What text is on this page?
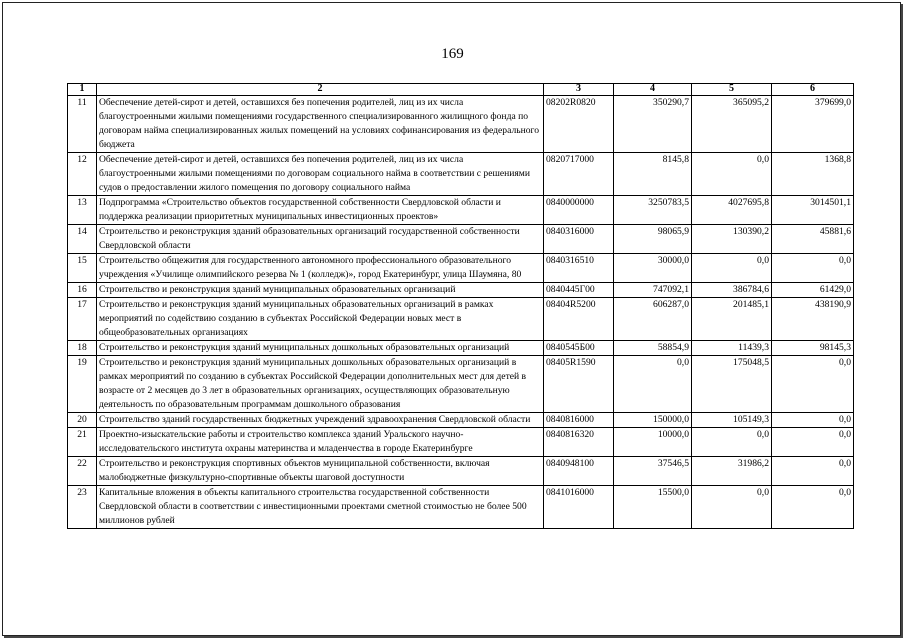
169
1	2	3	4	5	6
11	Обеспечение детей-сирот и детей, оставшихся без попечения родителей, лиц из их числа благоустроенными жилыми помещениями государственного специализированного жилищного фонда по договорам найма специализированных жилых помещений на условиях софинансирования из федерального бюджета	08202R0820	350290,7	365095,2	379699,0
12	Обеспечение детей-сирот и детей, оставшихся без попечения родителей, лиц из их числа благоустроенными жилыми помещениями по договорам социального найма в соответствии с решениями судов о предоставлении жилого помещения по договору социального найма	0820717000	8145,8	0,0	1368,8
13	Подпрограмма «Строительство объектов государственной собственности Свердловской области и поддержка реализации приоритетных муниципальных инвестиционных проектов»	0840000000	3250783,5	4027695,8	3014501,1
14	Строительство и реконструкция зданий образовательных организаций государственной собственности Свердловской области	0840316000	98065,9	130390,2	45881,6
15	Строительство общежития для государственного автономного профессионального образовательного учреждения «Училище олимпийского резерва № 1 (колледж)», город Екатеринбург, улица Шаумяна, 80	0840316510	30000,0	0,0	0,0
16	Строительство и реконструкция зданий муниципальных образовательных организаций	0840445Г00	747092,1	386784,6	61429,0
17	Строительство и реконструкция зданий муниципальных образовательных организаций в рамках мероприятий по содействию созданию в субъектах Российской Федерации новых мест в общеобразовательных организациях	08404R5200	606287,0	201485,1	438190,9
18	Строительство и реконструкция зданий муниципальных дошкольных образовательных организаций	0840545Б00	58854,9	11439,3	98145,3
19	Строительство и реконструкция зданий муниципальных дошкольных образовательных организаций в рамках мероприятий по созданию в субъектах Российской Федерации дополнительных мест для детей в возрасте от 2 месяцев до 3 лет в образовательных организациях, осуществляющих образовательную деятельность по образовательным программам дошкольного образования	08405R1590	0,0	175048,5	0,0
20	Строительство зданий государственных бюджетных учреждений здравоохранения Свердловской области	0840816000	150000,0	105149,3	0,0
21	Проектно-изыскательские работы и строительство комплекса зданий Уральского научно-исследовательского института охраны материнства и младенчества в городе Екатеринбурге	0840816320	10000,0	0,0	0,0
22	Строительство и реконструкция спортивных объектов муниципальной собственности, включая малобюджетные физкультурно-спортивные объекты шаговой доступности	0840948100	37546,5	31986,2	0,0
23	Капитальные вложения в объекты капитального строительства государственной собственности Свердловской области в соответствии с инвестиционными проектами сметной стоимостью не более 500 миллионов рублей	0841016000	15500,0	0,0	0,0
